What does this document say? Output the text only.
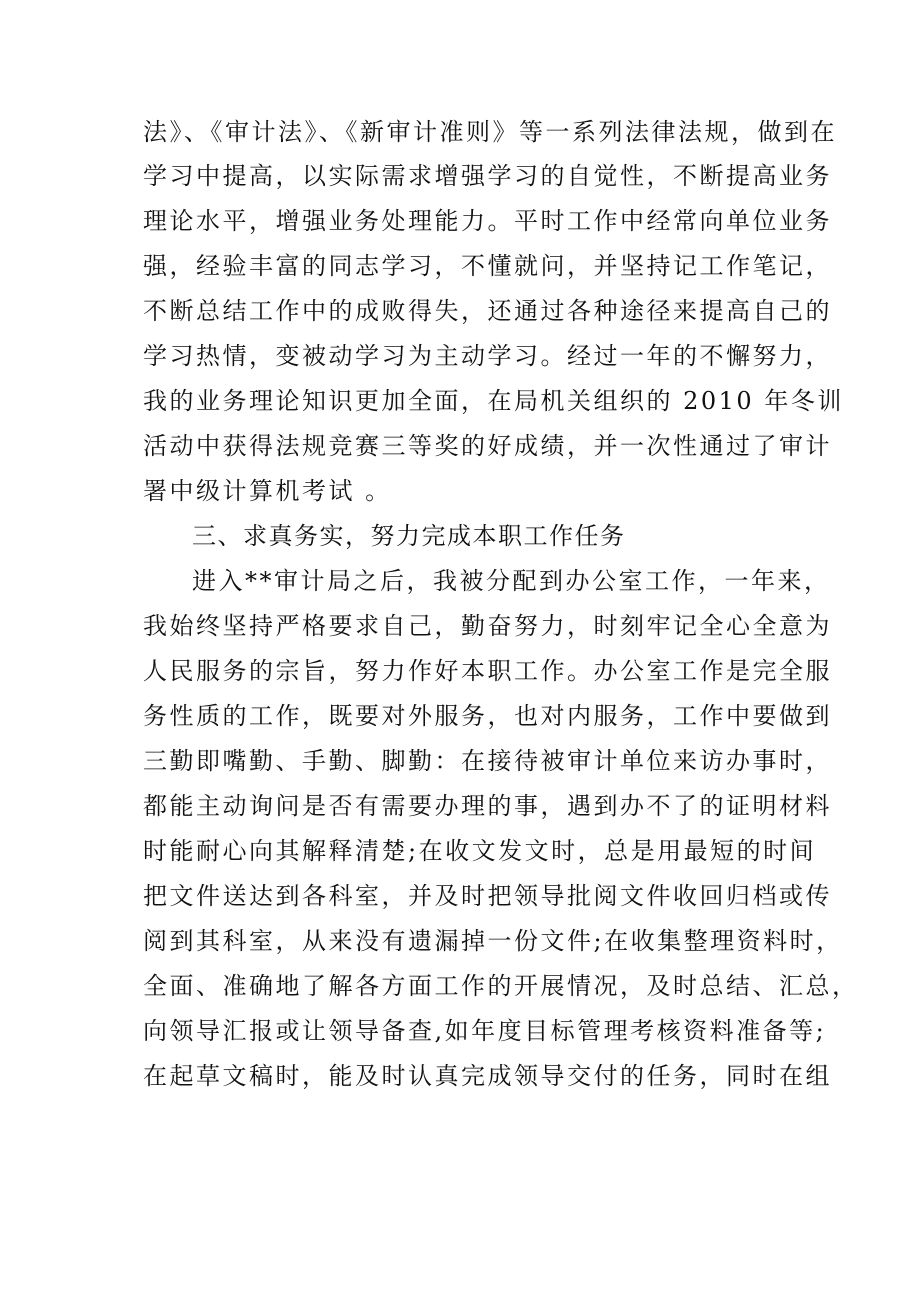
法》、《审计法》、《新审计准则》等一系列法律法规，做到在
学习中提高，以实际需求增强学习的自觉性，不断提高业务
理论水平，增强业务处理能力。平时工作中经常向单位业务
强，经验丰富的同志学习，不懂就问，并坚持记工作笔记，
不断总结工作中的成败得失，还通过各种途径来提高自己的
学习热情，变被动学习为主动学习。经过一年的不懈努力，
我的业务理论知识更加全面，在局机关组织的 2010 年冬训
活动中获得法规竞赛三等奖的好成绩，并一次性通过了审计
署中级计算机考试 。
三、求真务实，努力完成本职工作任务
进入**审计局之后，我被分配到办公室工作，一年来，
我始终坚持严格要求自己，勤奋努力，时刻牢记全心全意为
人民服务的宗旨，努力作好本职工作。办公室工作是完全服
务性质的工作，既要对外服务，也对内服务，工作中要做到
三勤即嘴勤、手勤、脚勤：在接待被审计单位来访办事时，
都能主动询问是否有需要办理的事，遇到办不了的证明材料
时能耐心向其解释清楚;在收文发文时，总是用最短的时间
把文件送达到各科室，并及时把领导批阅文件收回归档或传
阅到其科室，从来没有遗漏掉一份文件;在收集整理资料时，
全面、准确地了解各方面工作的开展情况，及时总结、汇总，
向领导汇报或让领导备查,如年度目标管理考核资料准备等;
在起草文稿时，能及时认真完成领导交付的任务，同时在组
